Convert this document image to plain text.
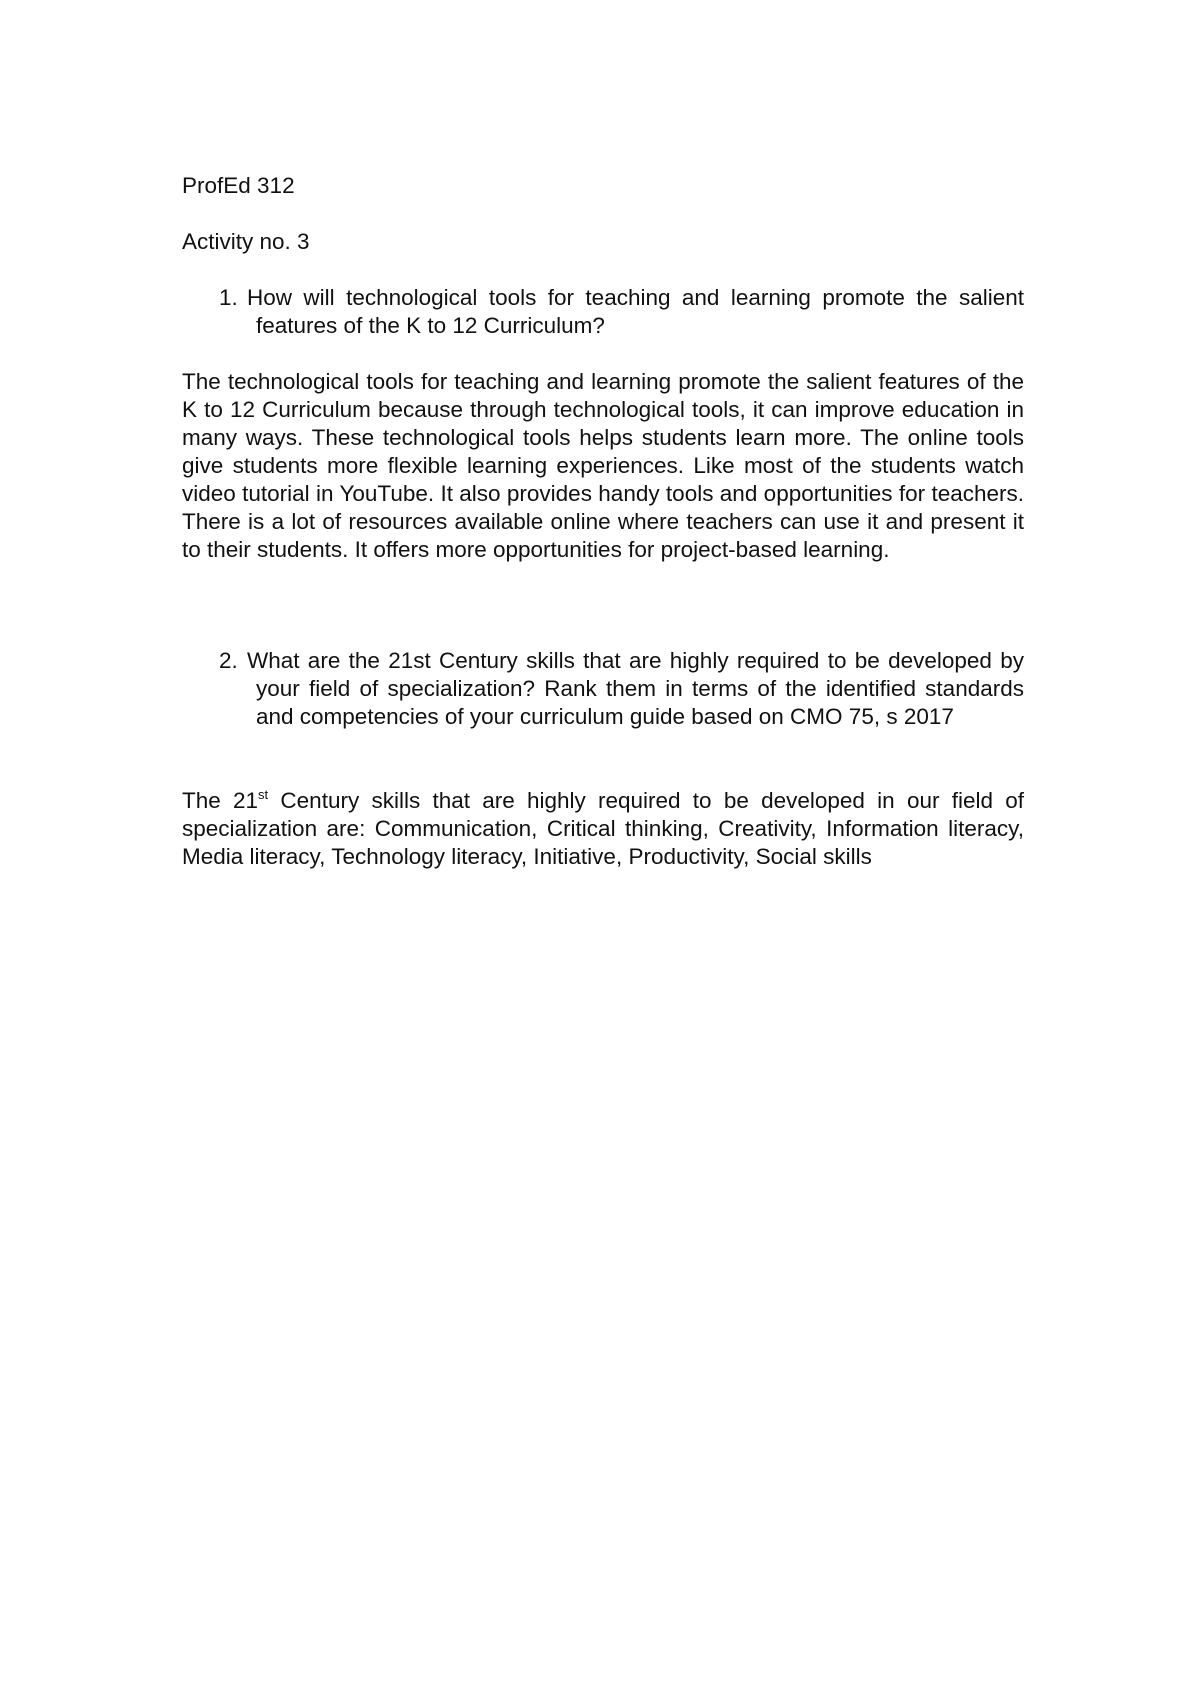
ProfEd 312

Activity no. 3

1. How will technological tools for teaching and learning promote the salient features of the K to 12 Curriculum?

The technological tools for teaching and learning promote the salient features of the K to 12 Curriculum because through technological tools, it can improve education in many ways. These technological tools helps students learn more. The online tools give students more flexible learning experiences. Like most of the students watch video tutorial in YouTube. It also provides handy tools and opportunities for teachers. There is a lot of resources available online where teachers can use it and present it to their students. It offers more opportunities for project-based learning.

2. What are the 21st Century skills that are highly required to be developed by your field of specialization? Rank them in terms of the identified standards and competencies of your curriculum guide based on CMO 75, s 2017

The 21st Century skills that are highly required to be developed in our field of specialization are: Communication, Critical thinking, Creativity, Information literacy, Media literacy, Technology literacy, Initiative, Productivity, Social skills
